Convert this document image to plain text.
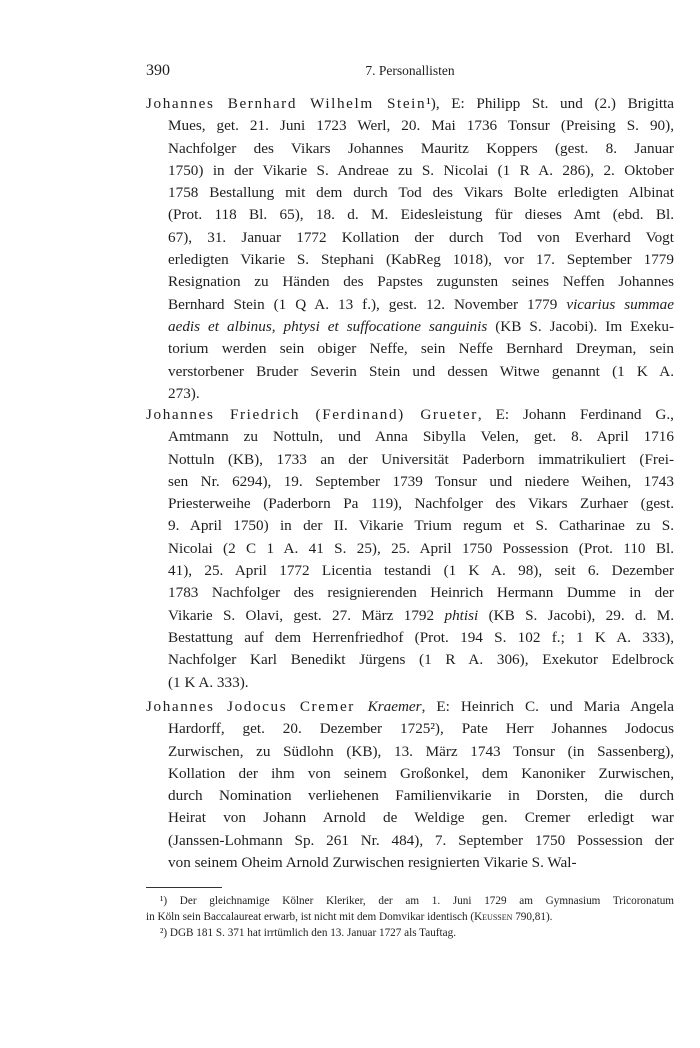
390	7. Personallisten
Johannes Bernhard Wilhelm Stein¹), E: Philipp St. und (2.) Brigitta
Mues, get. 21. Juni 1723 Werl, 20. Mai 1736 Tonsur (Preising S. 90),
Nachfolger des Vikars Johannes Mauritz Koppers (gest. 8. Januar
1750) in der Vikarie S. Andreae zu S. Nicolai (1 R A. 286), 2. Oktober
1758 Bestallung mit dem durch Tod des Vikars Bolte erledigten Albinat
(Prot. 118 Bl. 65), 18. d. M. Eidesleistung für dieses Amt (ebd. Bl.
67), 31. Januar 1772 Kollation der durch Tod von Everhard Vogt
erledigten Vikarie S. Stephani (KabReg 1018), vor 17. September 1779
Resignation zu Händen des Papstes zugunsten seines Neffen Johannes
Bernhard Stein (1 Q A. 13 f.), gest. 12. November 1779 vicarius summae
aedis et albinus, phtysi et suffocatione sanguinis (KB S. Jacobi). Im Exeku-
torium werden sein obiger Neffe, sein Neffe Bernhard Dreyman, sein
verstorbener Bruder Severin Stein und dessen Witwe genannt (1 K A.
273).
Johannes Friedrich (Ferdinand) Grueter, E: Johann Ferdinand G.,
Amtmann zu Nottuln, und Anna Sibylla Velen, get. 8. April 1716
Nottuln (KB), 1733 an der Universität Paderborn immatrikuliert (Frei-
sen Nr. 6294), 19. September 1739 Tonsur und niedere Weihen, 1743
Priesterweihe (Paderborn Pa 119), Nachfolger des Vikars Zurhaer (gest.
9. April 1750) in der II. Vikarie Trium regum et S. Catharinae zu S.
Nicolai (2 C 1 A. 41 S. 25), 25. April 1750 Possession (Prot. 110 Bl.
41), 25. April 1772 Licentia testandi (1 K A. 98), seit 6. Dezember
1783 Nachfolger des resignierenden Heinrich Hermann Dumme in der
Vikarie S. Olavi, gest. 27. März 1792 phtisi (KB S. Jacobi), 29. d. M.
Bestattung auf dem Herrenfriedhof (Prot. 194 S. 102 f.; 1 K A. 333),
Nachfolger Karl Benedikt Jürgens (1 R A. 306), Exekutor Edelbrock
(1 K A. 333).
Johannes Jodocus Cremer Kraemer, E: Heinrich C. und Maria Angela
Hardorff, get. 20. Dezember 1725²), Pate Herr Johannes Jodocus
Zurwischen, zu Südlohn (KB), 13. März 1743 Tonsur (in Sassenberg),
Kollation der ihm von seinem Großonkel, dem Kanoniker Zurwischen,
durch Nomination verliehenen Familienvikarie in Dorsten, die durch
Heirat von Johann Arnold de Weldige gen. Cremer erledigt war
(Janssen-Lohmann Sp. 261 Nr. 484), 7. September 1750 Possession der
von seinem Oheim Arnold Zurwischen resignierten Vikarie S. Wal-
¹) Der gleichnamige Kölner Kleriker, der am 1. Juni 1729 am Gymnasium Tricoronatum
in Köln sein Baccalaureat erwarb, ist nicht mit dem Domvikar identisch (Keussen 790,81).
²) DGB 181 S. 371 hat irrtümlich den 13. Januar 1727 als Tauftag.
